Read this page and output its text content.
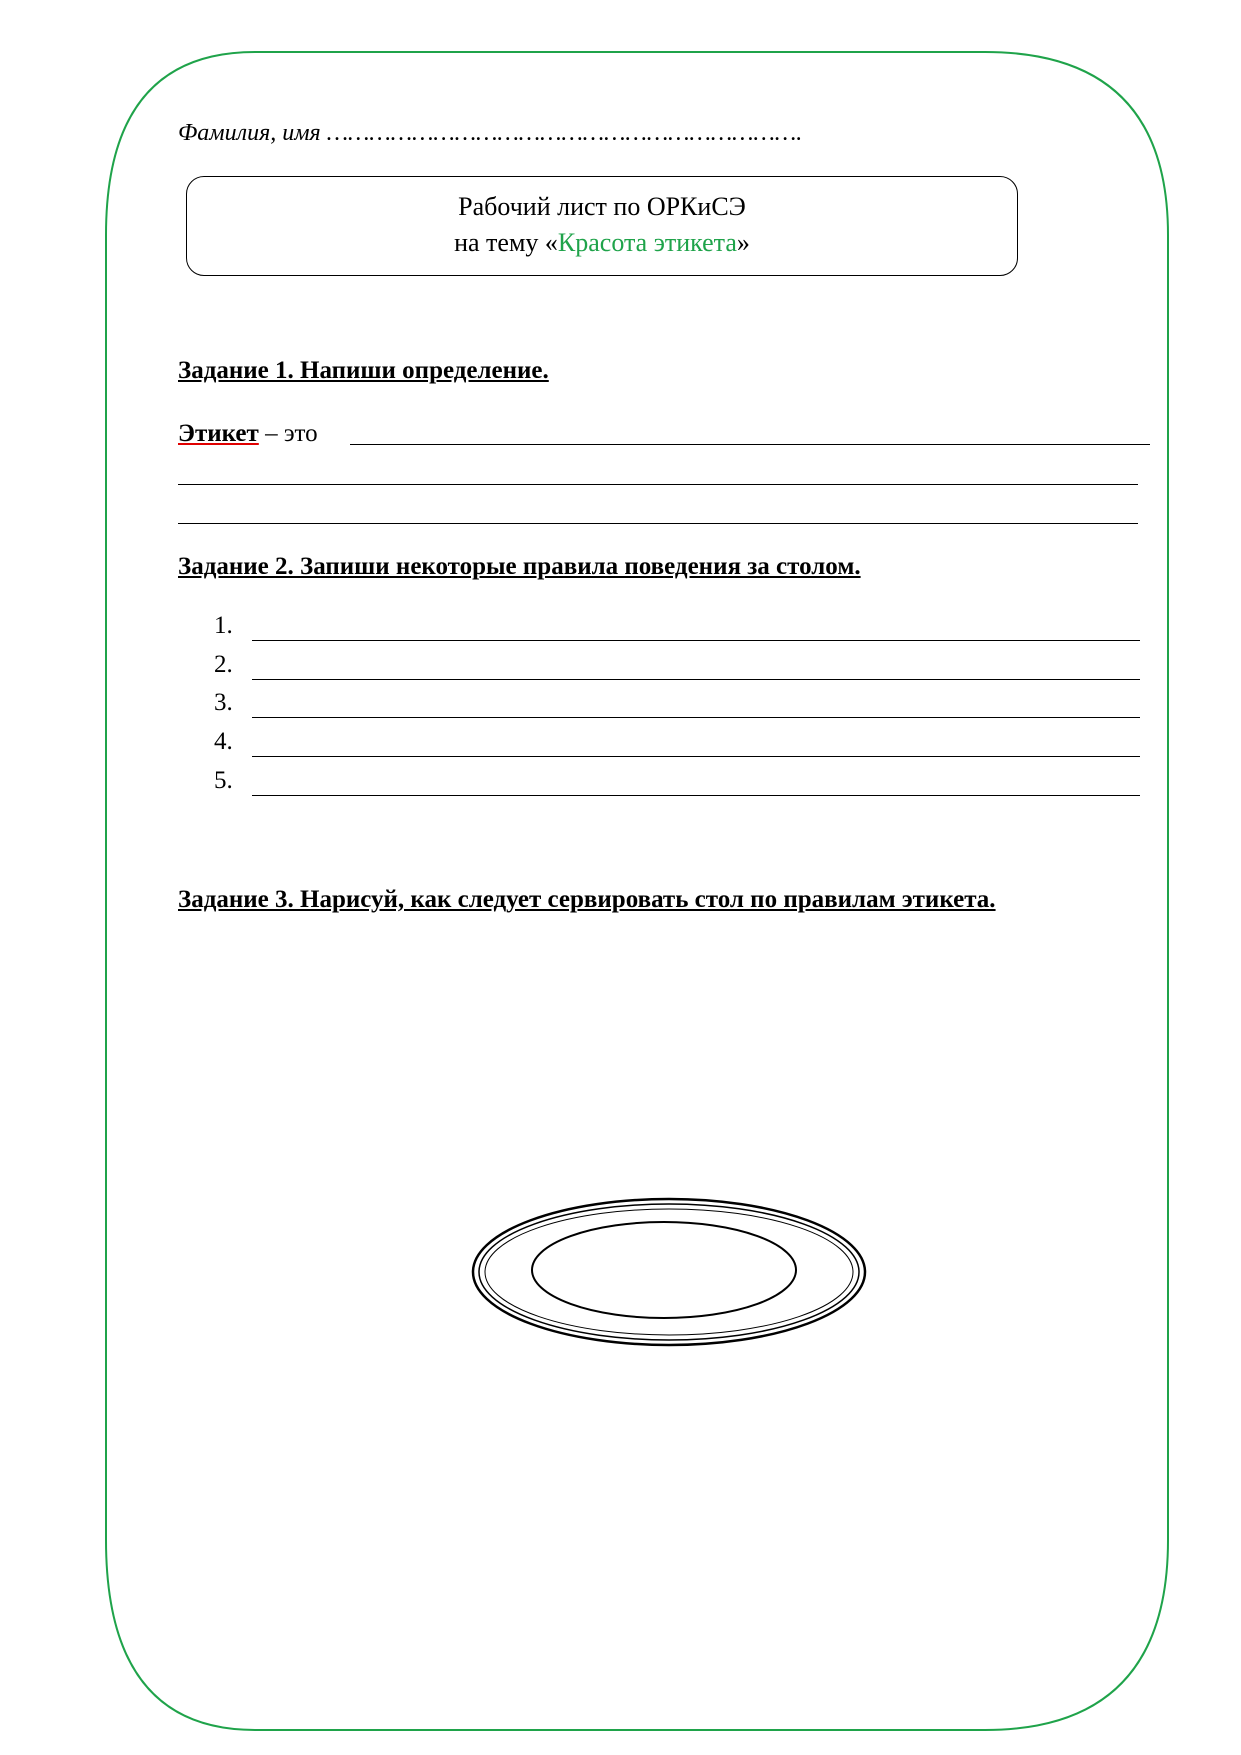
Фамилия, имя ………………………………………………………….
Рабочий лист по ОРКиСЭ
на тему «Красота этикета»
Задание 1. Напиши определение.
Этикет – это
Задание 2. Запиши некоторые правила поведения за столом.
1.
2.
3.
4.
5.
Задание 3. Нарисуй, как следует сервировать стол по правилам этикета.
